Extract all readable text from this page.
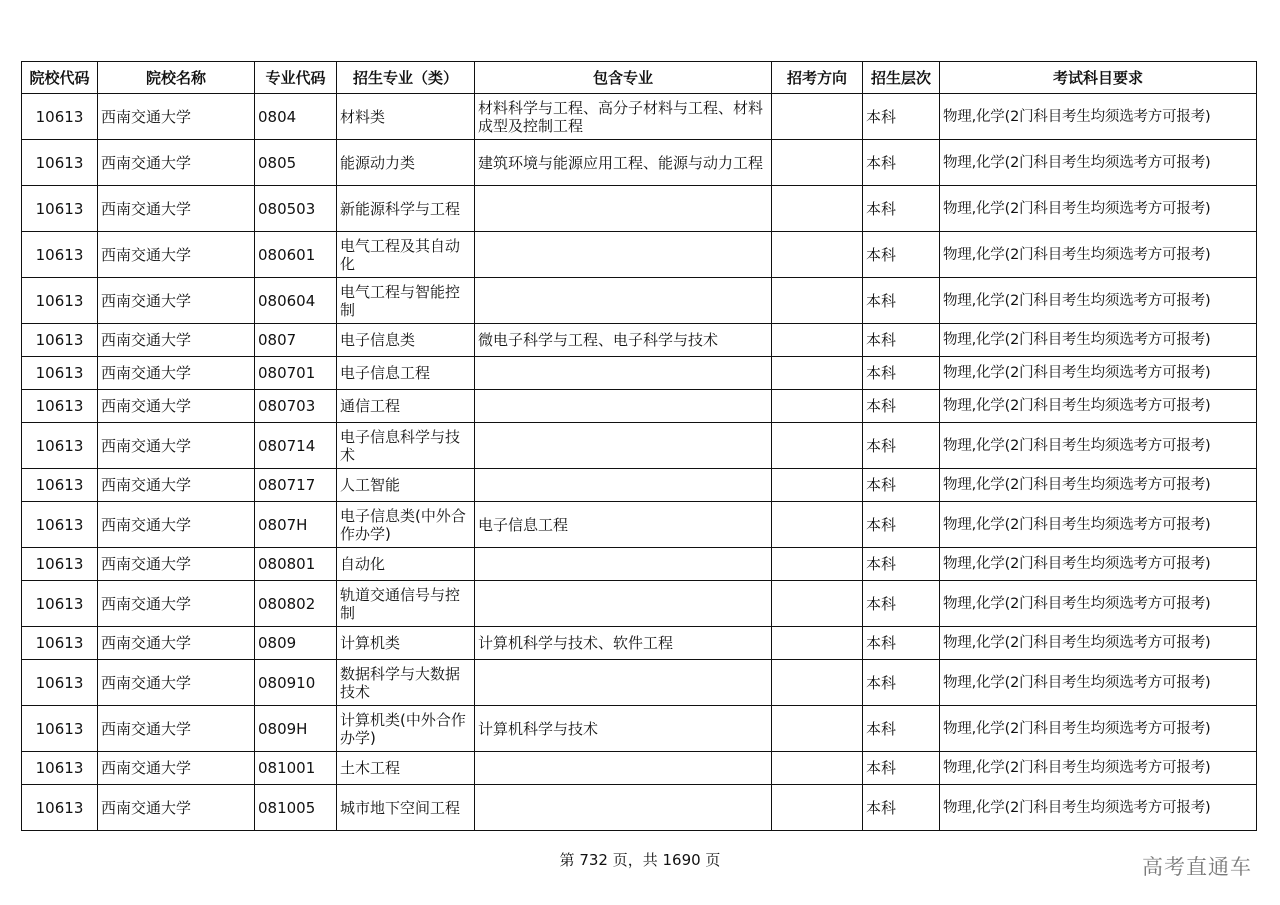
院校代码	院校名称	专业代码	招生专业（类）	包含专业	招考方向	招生层次	考试科目要求
10613	西南交通大学	0804	材料类	材料科学与工程、高分子材料与工程、材料成型及控制工程		本科	物理,化学(2门科目考生均须选考方可报考)
10613	西南交通大学	0805	能源动力类	建筑环境与能源应用工程、能源与动力工程		本科	物理,化学(2门科目考生均须选考方可报考)
10613	西南交通大学	080503	新能源科学与工程			本科	物理,化学(2门科目考生均须选考方可报考)
10613	西南交通大学	080601	电气工程及其自动化			本科	物理,化学(2门科目考生均须选考方可报考)
10613	西南交通大学	080604	电气工程与智能控制			本科	物理,化学(2门科目考生均须选考方可报考)
10613	西南交通大学	0807	电子信息类	微电子科学与工程、电子科学与技术		本科	物理,化学(2门科目考生均须选考方可报考)
10613	西南交通大学	080701	电子信息工程			本科	物理,化学(2门科目考生均须选考方可报考)
10613	西南交通大学	080703	通信工程			本科	物理,化学(2门科目考生均须选考方可报考)
10613	西南交通大学	080714	电子信息科学与技术			本科	物理,化学(2门科目考生均须选考方可报考)
10613	西南交通大学	080717	人工智能			本科	物理,化学(2门科目考生均须选考方可报考)
10613	西南交通大学	0807H	电子信息类(中外合作办学)	电子信息工程		本科	物理,化学(2门科目考生均须选考方可报考)
10613	西南交通大学	080801	自动化			本科	物理,化学(2门科目考生均须选考方可报考)
10613	西南交通大学	080802	轨道交通信号与控制			本科	物理,化学(2门科目考生均须选考方可报考)
10613	西南交通大学	0809	计算机类	计算机科学与技术、软件工程		本科	物理,化学(2门科目考生均须选考方可报考)
10613	西南交通大学	080910	数据科学与大数据技术			本科	物理,化学(2门科目考生均须选考方可报考)
10613	西南交通大学	0809H	计算机类(中外合作办学)	计算机科学与技术		本科	物理,化学(2门科目考生均须选考方可报考)
10613	西南交通大学	081001	土木工程			本科	物理,化学(2门科目考生均须选考方可报考)
10613	西南交通大学	081005	城市地下空间工程			本科	物理,化学(2门科目考生均须选考方可报考)
第 732 页，共 1690 页	高考直通车
